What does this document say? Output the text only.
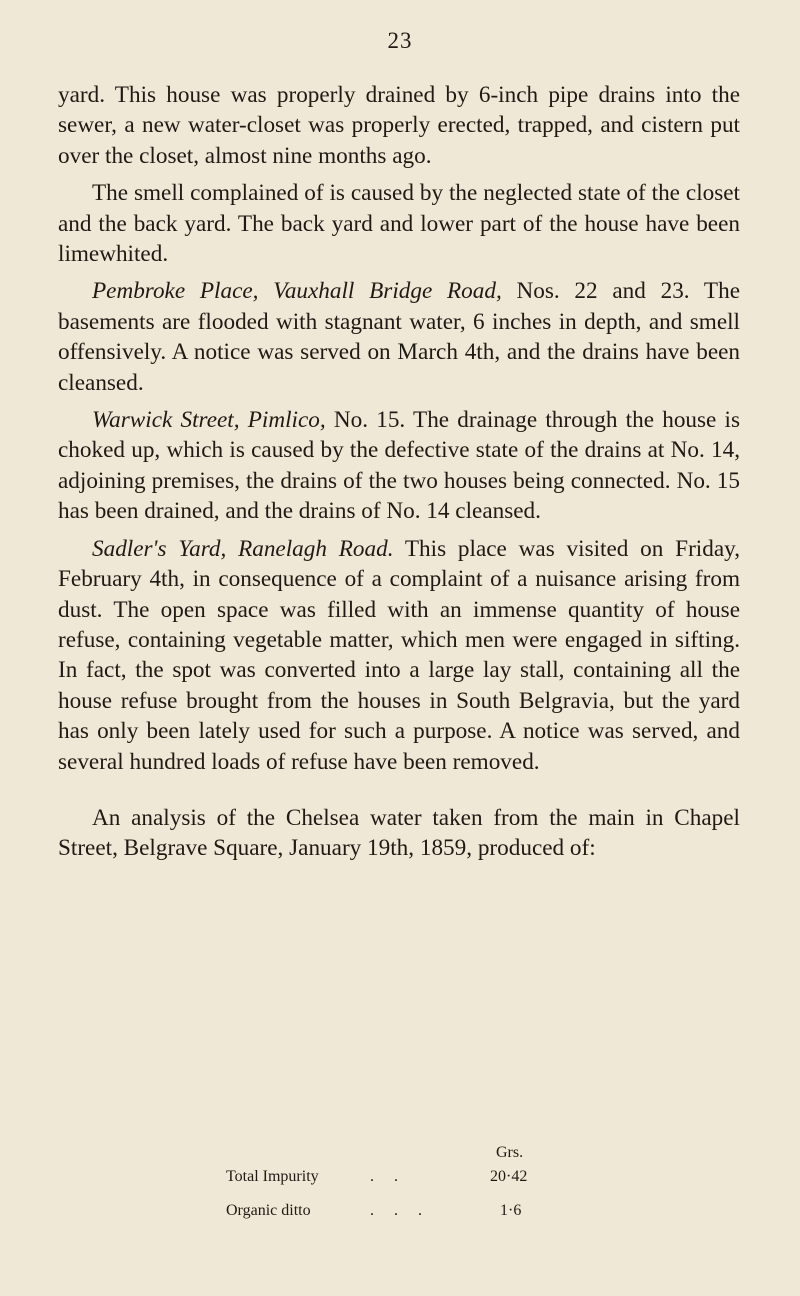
23

yard. This house was properly drained by 6-inch pipe drains into the sewer, a new water-closet was properly erected, trapped, and cistern put over the closet, almost nine months ago.

The smell complained of is caused by the neglected state of the closet and the back yard. The back yard and lower part of the house have been limewhited.

Pembroke Place, Vauxhall Bridge Road, Nos. 22 and 23. The basements are flooded with stagnant water, 6 inches in depth, and smell offensively. A notice was served on March 4th, and the drains have been cleansed.

Warwick Street, Pimlico, No. 15. The drainage through the house is choked up, which is caused by the defective state of the drains at No. 14, adjoining premises, the drains of the two houses being connected. No. 15 has been drained, and the drains of No. 14 cleansed.

Sadler's Yard, Ranelagh Road. This place was visited on Friday, February 4th, in consequence of a complaint of a nuisance arising from dust. The open space was filled with an immense quantity of house refuse, containing vegetable matter, which men were engaged in sifting. In fact, the spot was converted into a large lay stall, containing all the house refuse brought from the houses in South Belgravia, but the yard has only been lately used for such a purpose. A notice was served, and several hundred loads of refuse have been removed.

An analysis of the Chelsea water taken from the main in Chapel Street, Belgrave Square, January 19th, 1859, produced of:

Grs.
Total Impurity	. .	20·42
Organic ditto	. . .	1·6
